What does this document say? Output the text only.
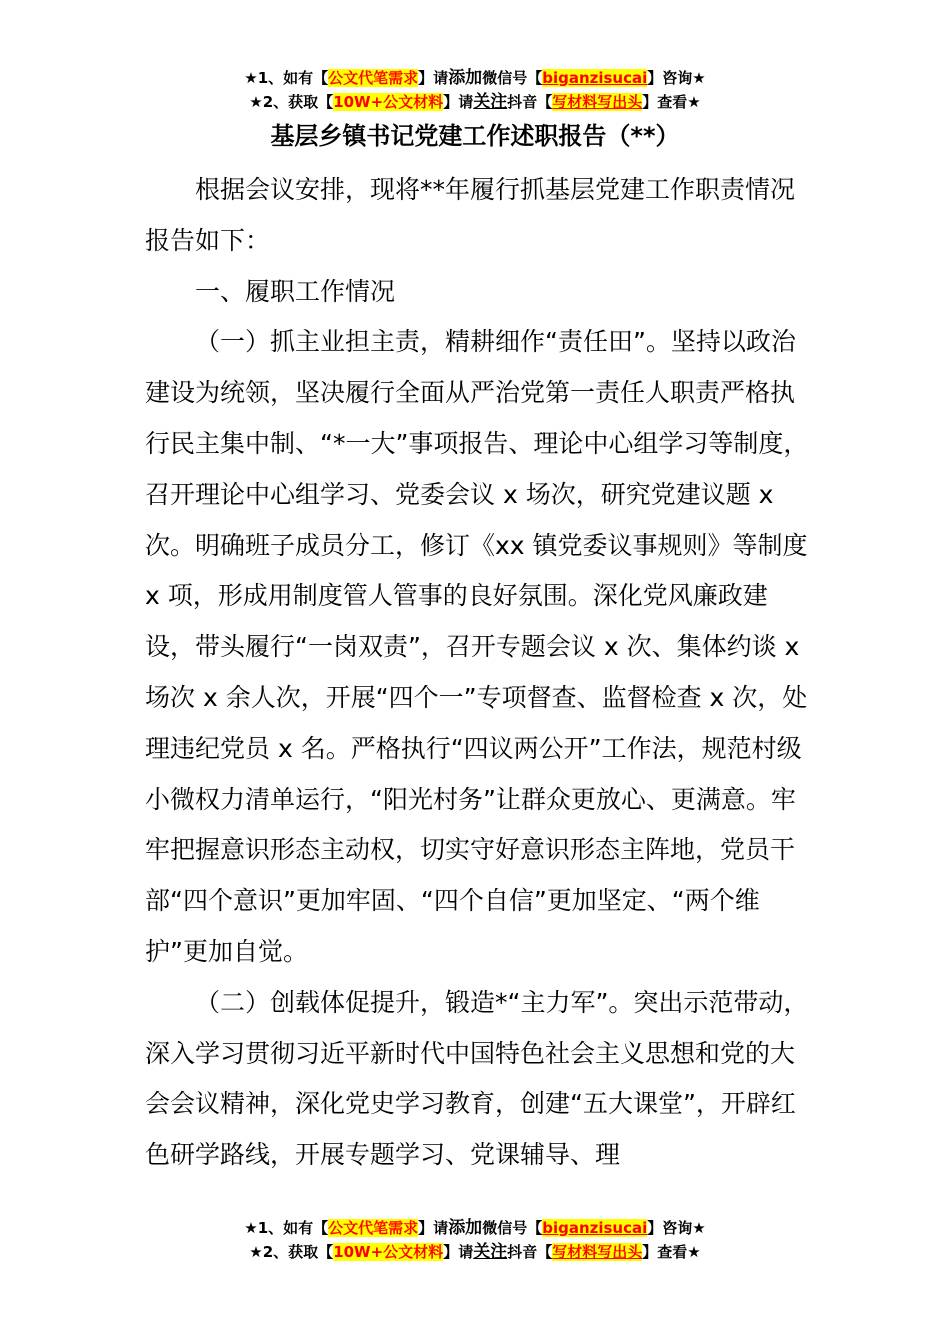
★1、如有【公文代笔需求】请添加微信号【biganzisucai】咨询★
★2、获取【10W+公文材料】请关注抖音【写材料写出头】查看★
基层乡镇书记党建工作述职报告（**）

根据会议安排，现将**年履行抓基层党建工作职责情况报告如下：

一、履职工作情况

（一）抓主业担主责，精耕细作“责任田”。坚持以政治建设为统领，坚决履行全面从严治党第一责任人职责严格执行民主集中制、“*一大”事项报告、理论中心组学习等制度，召开理论中心组学习、党委会议 x 场次，研究党建议题 x 次。明确班子成员分工，修订《xx 镇党委议事规则》等制度 x 项，形成用制度管人管事的良好氛围。深化党风廉政建设，带头履行“一岗双责”，召开专题会议 x 次、集体约谈 x 场次 x 余人次，开展“四个一”专项督查、监督检查 x 次，处理违纪党员 x 名。严格执行“四议两公开”工作法，规范村级小微权力清单运行，“阳光村务”让群众更放心、更满意。牢牢把握意识形态主动权，切实守好意识形态主阵地，党员干部“四个意识”更加牢固、“四个自信”更加坚定、“两个维护”更加自觉。

（二）创载体促提升，锻造*“主力军”。突出示范带动，深入学习贯彻习近平新时代中国特色社会主义思想和党的大会会议精神，深化党史学习教育，创建“五大课堂”，开辟红色研学路线，开展专题学习、党课辅导、理

★1、如有【公文代笔需求】请添加微信号【biganzisucai】咨询★
★2、获取【10W+公文材料】请关注抖音【写材料写出头】查看★
